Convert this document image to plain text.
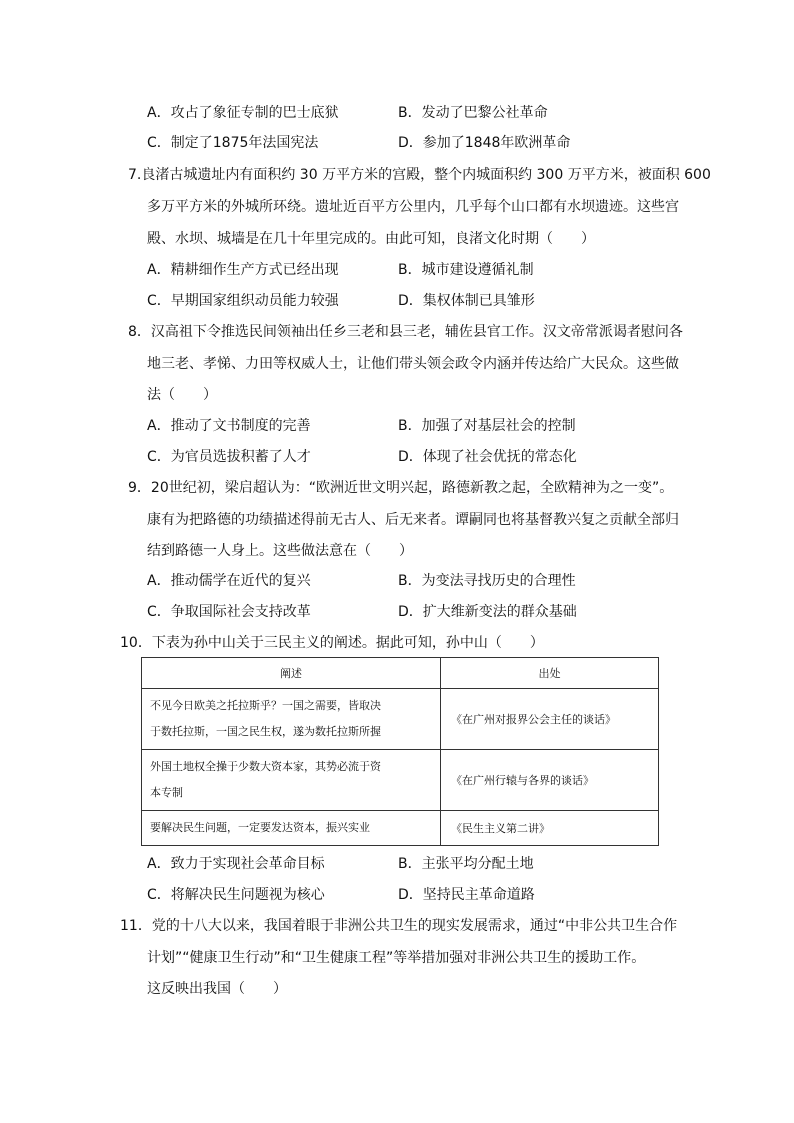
A．攻占了象征专制的巴士底狱	B．发动了巴黎公社革命
C．制定了1875年法国宪法	D．参加了1848年欧洲革命
7.良渚古城遗址内有面积约 30 万平方米的宫殿，整个内城面积约 300 万平方米，被面积 600
多万平方米的外城所环绕。遗址近百平方公里内，几乎每个山口都有水坝遗迹。这些宫
殿、水坝、城墙是在几十年里完成的。由此可知，良渚文化时期（　　）
A．精耕细作生产方式已经出现	B．城市建设遵循礼制
C．早期国家组织动员能力较强	D．集权体制已具雏形
8．汉高祖下令推选民间领袖出任乡三老和县三老，辅佐县官工作。汉文帝常派谒者慰问各
地三老、孝悌、力田等权威人士，让他们带头领会政令内涵并传达给广大民众。这些做
法（　　）
A．推动了文书制度的完善	B．加强了对基层社会的控制
C．为官员选拔积蓄了人才	D．体现了社会优抚的常态化
9．20世纪初，梁启超认为：“欧洲近世文明兴起，路德新教之起，全欧精神为之一变”。
康有为把路德的功绩描述得前无古人、后无来者。谭嗣同也将基督教兴复之贡献全部归
结到路德一人身上。这些做法意在（　　）
A．推动儒学在近代的复兴	B．为变法寻找历史的合理性
C．争取国际社会支持改革	D．扩大维新变法的群众基础
10．下表为孙中山关于三民主义的阐述。据此可知，孙中山（　　）
阐述	出处

不见今日欧美之托拉斯乎？一国之需要，皆取决
于数托拉斯，一国之民生权，遂为数托拉斯所握	《在广州对报界公会主任的谈话》

外国土地权全操于少数大资本家，其势必流于资
本专制	《在广州行辕与各界的谈话》

要解决民生问题，一定要发达资本，振兴实业	《民生主义第二讲》
A．致力于实现社会革命目标	B．主张平均分配土地
C．将解决民生问题视为核心	D．坚持民主革命道路
11．党的十八大以来，我国着眼于非洲公共卫生的现实发展需求，通过“中非公共卫生合作
计划”“健康卫生行动”和“卫生健康工程”等举措加强对非洲公共卫生的援助工作。
这反映出我国（　　）
